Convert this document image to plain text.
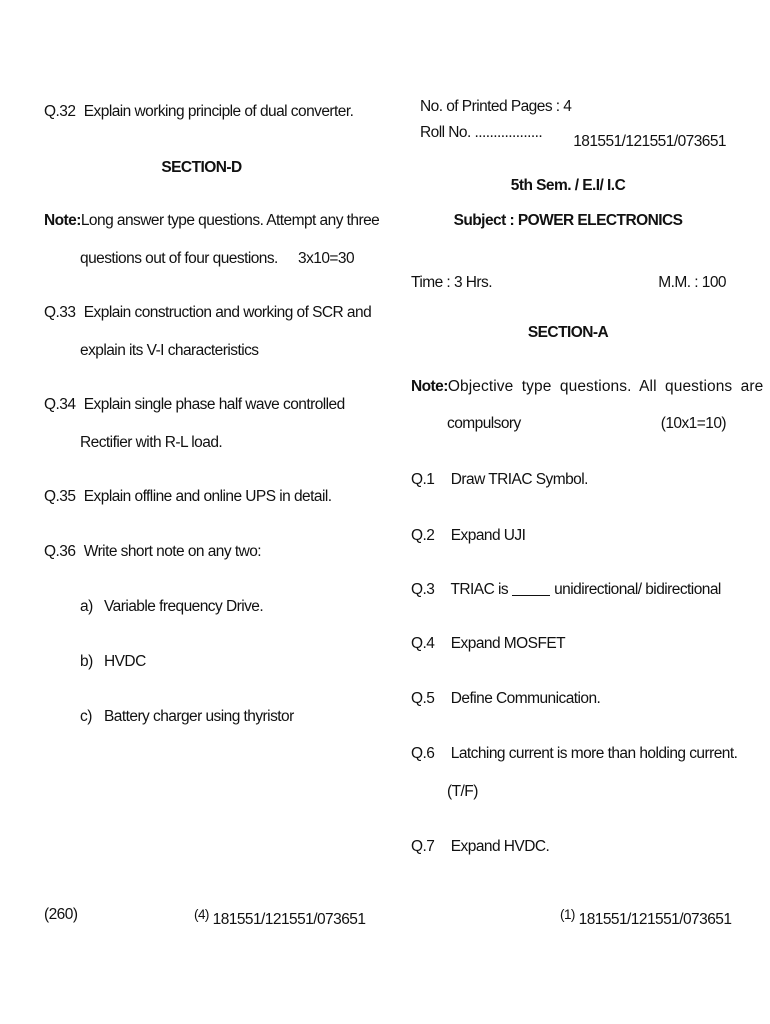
Q.32 Explain working principle of dual converter.
SECTION-D
Note:Long answer type questions. Attempt any three
questions out of four questions. 3x10=30
Q.33 Explain construction and working of SCR and
explain its V-I characteristics
Q.34 Explain single phase half wave controlled
Rectifier with R-L load.
Q.35 Explain offline and online UPS in detail.
Q.36 Write short note on any two:
a) Variable frequency Drive.
b) HVDC
c) Battery charger using thyristor
(260)	(4) 181551/121551/073651
No. of Printed Pages : 4
Roll No. ..................
181551/121551/073651
5th Sem. / E.I/ I.C
Subject : POWER ELECTRONICS
Time : 3 Hrs.	M.M. : 100
SECTION-A
Note:Objective type questions. All questions are
compulsory	(10x1=10)
Q.1 Draw TRIAC Symbol.
Q.2 Expand UJI
Q.3 TRIAC is	unidirectional/ bidirectional
Q.4 Expand MOSFET
Q.5 Define Communication.
Q.6 Latching current is more than holding current.
(T/F)
Q.7 Expand HVDC.
(1) 181551/121551/073651
